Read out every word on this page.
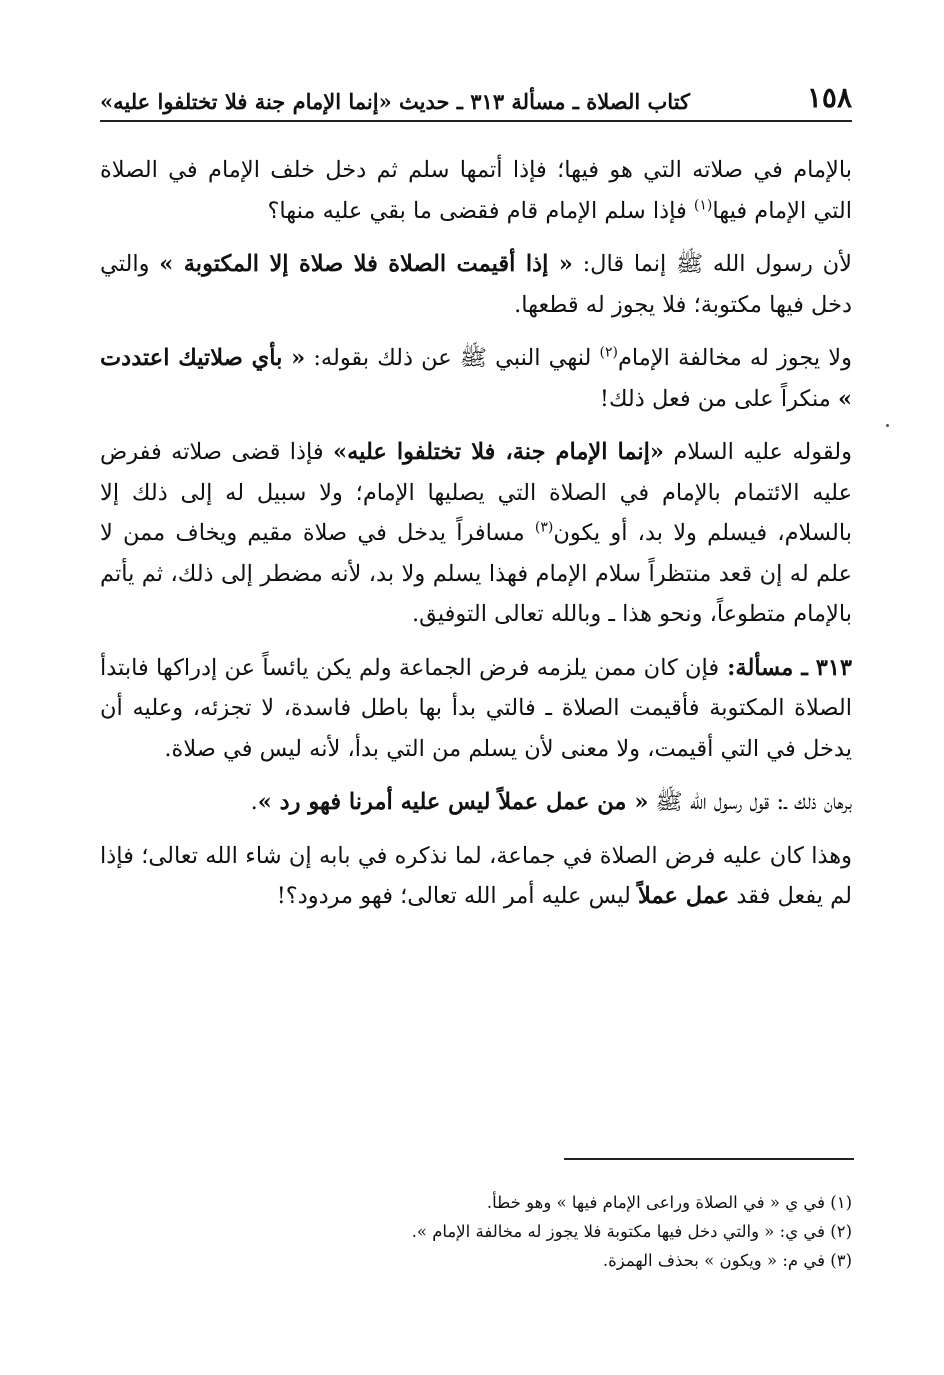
١٥٨
كتاب الصلاة ـ مسألة ٣١٣ ـ حديث «إنما الإمام جنة فلا تختلفوا عليه»

بالإمام في صلاته التي هو فيها؛ فإذا أتمها سلم ثم دخل خلف الإمام في الصلاة التي الإمام فيها$^{(١)}$ فإذا سلم الإمام قام فقضى ما بقي عليه منها؟

لأن رسول الله ﷺ إنما قال: « إذا أقيمت الصلاة فلا صلاة إلا المكتوبة » والتي دخل فيها مكتوبة؛ فلا يجوز له قطعها.

ولا يجوز له مخالفة الإمام$^{(٢)}$ لنهي النبي ﷺ عن ذلك بقوله: « بأي صلاتيك اعتددت » منكراً على من فعل ذلك!

ولقوله عليه السلام «إنما الإمام جنة، فلا تختلفوا عليه» فإذا قضى صلاته ففرض عليه الائتمام بالإمام في الصلاة التي يصليها الإمام؛ ولا سبيل له إلى ذلك إلا بالسلام، فيسلم ولا بد، أو يكون$^{(٣)}$ مسافراً يدخل في صلاة مقيم ويخاف ممن لا علم له إن قعد منتظراً سلام الإمام فهذا يسلم ولا بد، لأنه مضطر إلى ذلك، ثم يأتم بالإمام متطوعاً، ونحو هذا ـ وبالله تعالى التوفيق.

٣١٣ ـ مسألة: فإن كان ممن يلزمه فرض الجماعة ولم يكن يائساً عن إدراكها فابتدأ الصلاة المكتوبة فأقيمت الصلاة ـ فالتي بدأ بها باطل فاسدة، لا تجزئه، وعليه أن يدخل في التي أقيمت، ولا معنى لأن يسلم من التي بدأ، لأنه ليس في صلاة.

برهان ذلك ـ: قول رسول الله ﷺ « من عمل عملاً ليس عليه أمرنا فهو رد ».

وهذا كان عليه فرض الصلاة في جماعة، لما نذكره في بابه إن شاء الله تعالى؛ فإذا لم يفعل فقد عمل عملاً ليس عليه أمر الله تعالى؛ فهو مردود؟!

(١) في ي « في الصلاة وراعى الإمام فيها » وهو خطأ.

(٢) في ي: « والتي دخل فيها مكتوبة فلا يجوز له مخالفة الإمام ».

(٣) في م: « ويكون » بحذف الهمزة.
